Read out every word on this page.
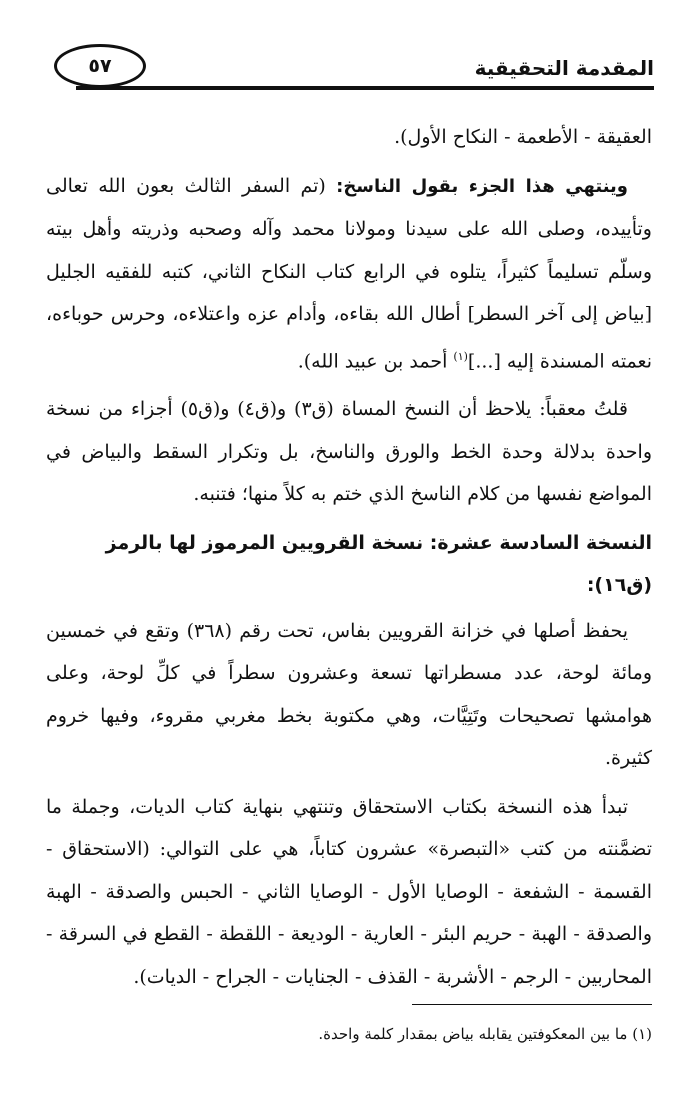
٥٧	المقدمة التحقيقية

العقيقة - الأطعمة - النكاح الأول).

وينتهي هذا الجزء بقول الناسخ: (تم السفر الثالث بعون الله تعالى وتأييده، وصلى الله على سيدنا ومولانا محمد وآله وصحبه وذريته وأهل بيته وسلّم تسليماً كثيراً، يتلوه في الرابع كتاب النكاح الثاني، كتبه للفقيه الجليل [بياض إلى آخر السطر] أطال الله بقاءه، وأدام عزه واعتلاءه، وحرس حوباءه، نعمته المسندة إليه [...]$^{(١)}$ أحمد بن عبيد الله).

قلتُ معقباً: يلاحظ أن النسخ المساة (ق٣) و(ق٤) و(ق٥) أجزاء من نسخة واحدة بدلالة وحدة الخط والورق والناسخ، بل وتكرار السقط والبياض في المواضع نفسها من كلام الناسخ الذي ختم به كلاً منها؛ فتنبه.

النسخة السادسة عشرة: نسخة القرويين المرموز لها بالرمز (ق١٦):

يحفظ أصلها في خزانة القرويين بفاس، تحت رقم (٣٦٨) وتقع في خمسين ومائة لوحة، عدد مسطراتها تسعة وعشرون سطراً في كلِّ لوحة، وعلى هوامشها تصحيحات وتَتِيَّات، وهي مكتوبة بخط مغربي مقروء، وفيها خروم كثيرة.

تبدأ هذه النسخة بكتاب الاستحقاق وتنتهي بنهاية كتاب الديات، وجملة ما تضمَّنته من كتب «التبصرة» عشرون كتاباً، هي على التوالي: (الاستحقاق - القسمة - الشفعة - الوصايا الأول - الوصايا الثاني - الحبس والصدقة - الهبة والصدقة - الهبة - حريم البئر - العارية - الوديعة - اللقطة - القطع في السرقة - المحاربين - الرجم - الأشربة - القذف - الجنايات - الجراح - الديات).

(١) ما بين المعكوفتين يقابله بياض بمقدار كلمة واحدة.
